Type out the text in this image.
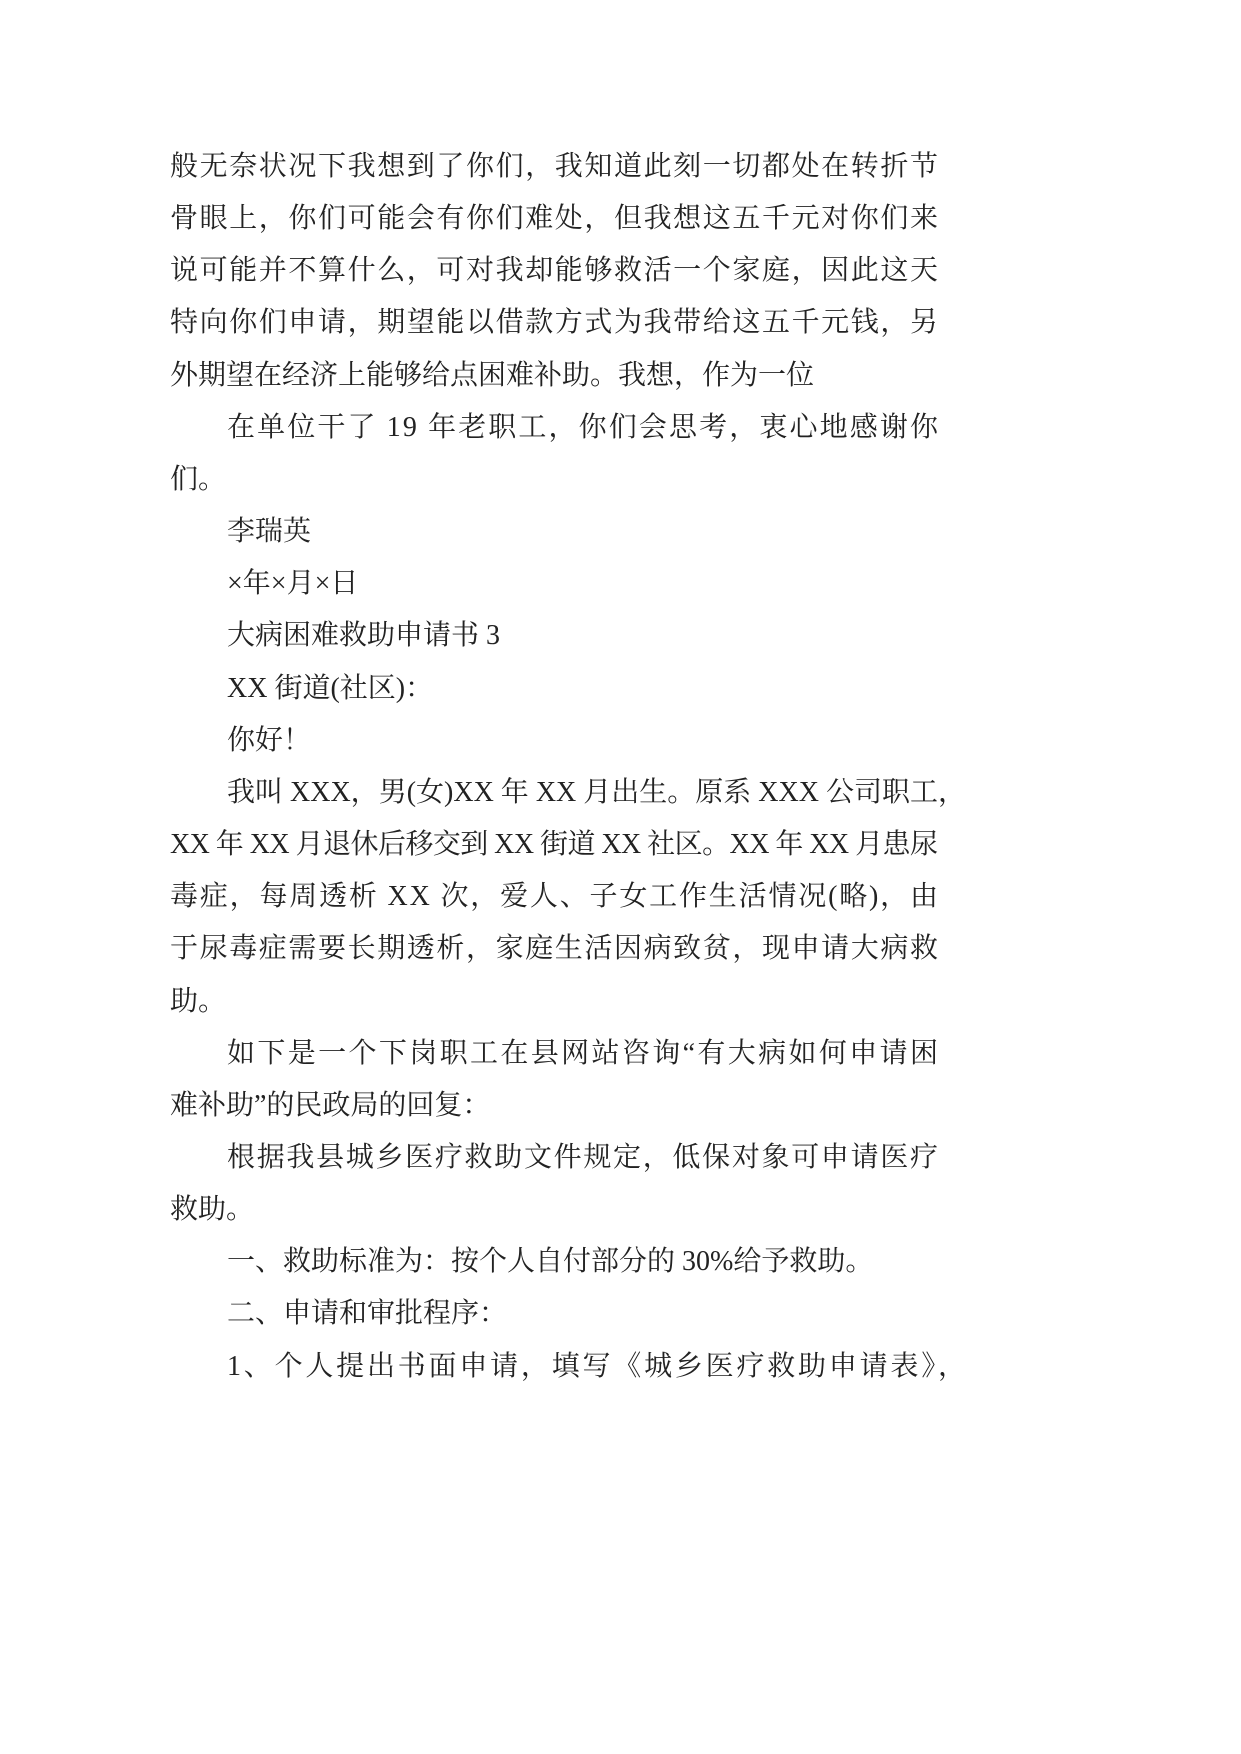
般无奈状况下我想到了你们，我知道此刻一切都处在转折节
骨眼上，你们可能会有你们难处，但我想这五千元对你们来
说可能并不算什么，可对我却能够救活一个家庭，因此这天
特向你们申请，期望能以借款方式为我带给这五千元钱，另
外期望在经济上能够给点困难补助。我想，作为一位
在单位干了 19 年老职工，你们会思考，衷心地感谢你
们。
李瑞英
×年×月×日
大病困难救助申请书 3
XX 街道(社区)：
你好！
我叫 XXX，男(女)XX 年 XX 月出生。原系 XXX 公司职工，
XX 年 XX 月退休后移交到 XX 街道 XX 社区。XX 年 XX 月患尿
毒症，每周透析 XX 次，爱人、子女工作生活情况(略)，由
于尿毒症需要长期透析，家庭生活因病致贫，现申请大病救
助。
如下是一个下岗职工在县网站咨询“有大病如何申请困
难补助”的民政局的回复：
根据我县城乡医疗救助文件规定，低保对象可申请医疗
救助。
一、救助标准为：按个人自付部分的 30%给予救助。
二、申请和审批程序：
1、个人提出书面申请，填写《城乡医疗救助申请表》，
